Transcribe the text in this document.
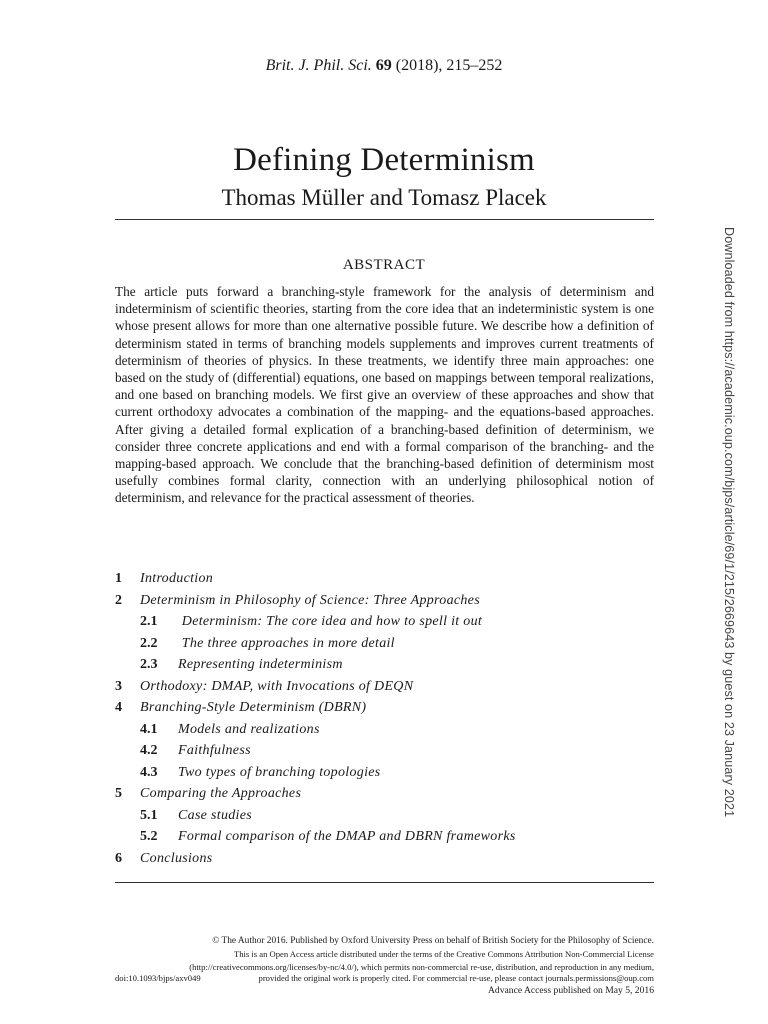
Brit. J. Phil. Sci. 69 (2018), 215–252
Defining Determinism
Thomas Müller and Tomasz Placek
ABSTRACT

The article puts forward a branching-style framework for the analysis of determinism and indeterminism of scientific theories, starting from the core idea that an indeterministic system is one whose present allows for more than one alternative possible future. We describe how a definition of determinism stated in terms of branching models supplements and improves current treatments of determinism of theories of physics. In these treatments, we identify three main approaches: one based on the study of (differential) equations, one based on mappings between temporal realizations, and one based on branching models. We first give an overview of these approaches and show that current orthodoxy advocates a combination of the mapping- and the equations-based approaches. After giving a detailed formal explication of a branching-based definition of determinism, we consider three concrete applications and end with a formal comparison of the branching- and the mapping-based approach. We conclude that the branching-based definition of determinism most usefully combines formal clarity, connection with an underlying philosophical notion of determinism, and relevance for the practical assessment of theories.

1 Introduction
2 Determinism in Philosophy of Science: Three Approaches
2.1 Determinism: The core idea and how to spell it out
2.2 The three approaches in more detail
2.3 Representing indeterminism
3 Orthodoxy: DMAP, with Invocations of DEQN
4 Branching-Style Determinism (DBRN)
4.1 Models and realizations
4.2 Faithfulness
4.3 Two types of branching topologies
5 Comparing the Approaches
5.1 Case studies
5.2 Formal comparison of the DMAP and DBRN frameworks
6 Conclusions
Downloaded from https://academic.oup.com/bjps/article/69/1/215/2669643 by guest on 23 January 2021
© The Author 2016. Published by Oxford University Press on behalf of British Society for the Philosophy of Science.
This is an Open Access article distributed under the terms of the Creative Commons Attribution Non-Commercial License
(http://creativecommons.org/licenses/by-nc/4.0/), which permits non-commercial re-use, distribution, and reproduction in any medium,
doi:10.1093/bjps/axv049	provided the original work is properly cited. For commercial re-use, please contact journals.permissions@oup.com
Advance Access published on May 5, 2016
